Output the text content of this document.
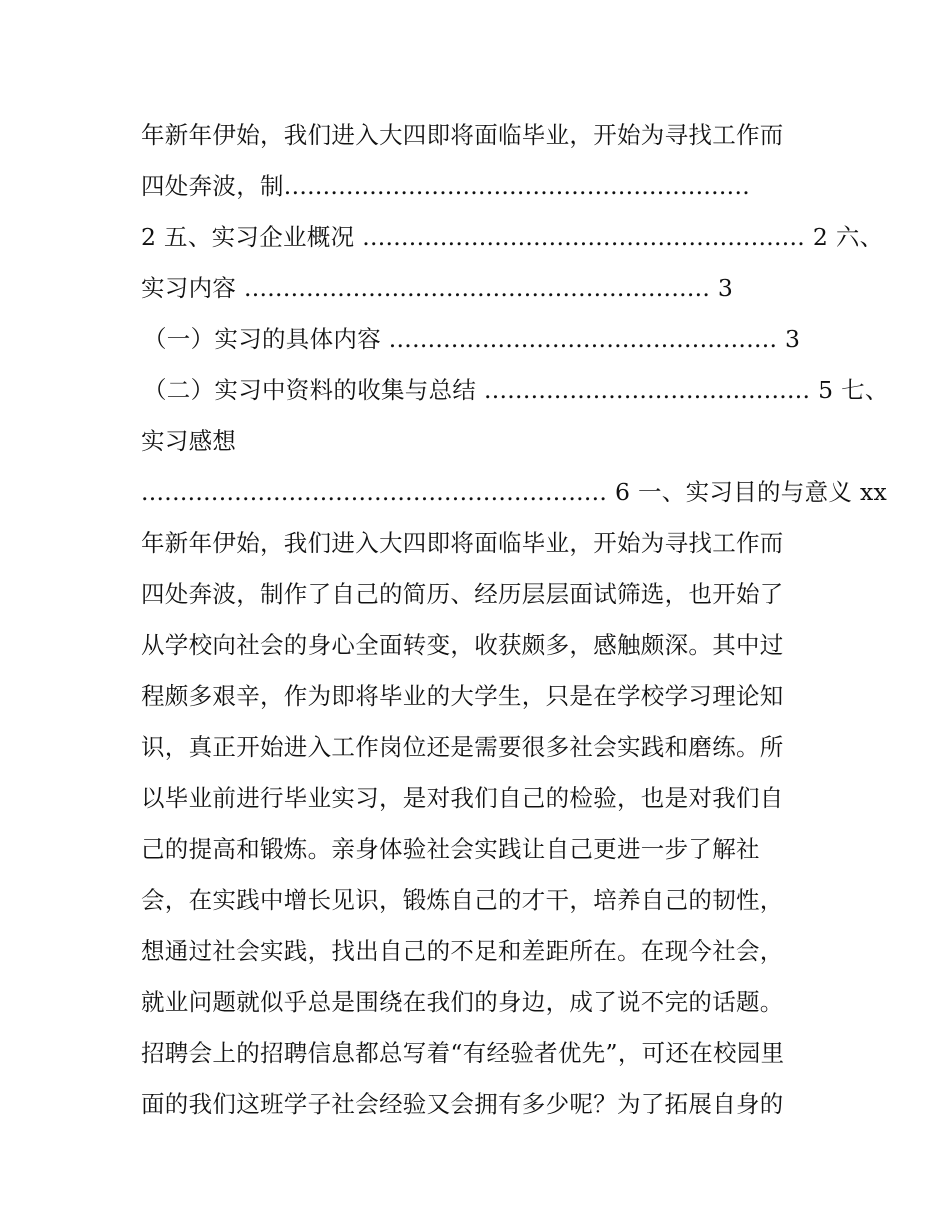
年新年伊始，我们进入大四即将面临毕业，开始为寻找工作而
四处奔波，制............................................................
2 五、实习企业概况 ......................................................... 2 六、
实习内容 ............................................................ 3
（一）实习的具体内容 .................................................. 3
（二）实习中资料的收集与总结 .......................................... 5 七、
实习感想
............................................................ 6 一、实习目的与意义 xx
年新年伊始，我们进入大四即将面临毕业，开始为寻找工作而
四处奔波，制作了自己的简历、经历层层面试筛选，也开始了
从学校向社会的身心全面转变，收获颇多，感触颇深。其中过
程颇多艰辛，作为即将毕业的大学生，只是在学校学习理论知
识，真正开始进入工作岗位还是需要很多社会实践和磨练。所
以毕业前进行毕业实习，是对我们自己的检验，也是对我们自
己的提高和锻炼。亲身体验社会实践让自己更进一步了解社
会，在实践中增长见识，锻炼自己的才干，培养自己的韧性，
想通过社会实践，找出自己的不足和差距所在。在现今社会，
就业问题就似乎总是围绕在我们的身边，成了说不完的话题。
招聘会上的招聘信息都总写着“有经验者优先”，可还在校园里
面的我们这班学子社会经验又会拥有多少呢？为了拓展自身的
